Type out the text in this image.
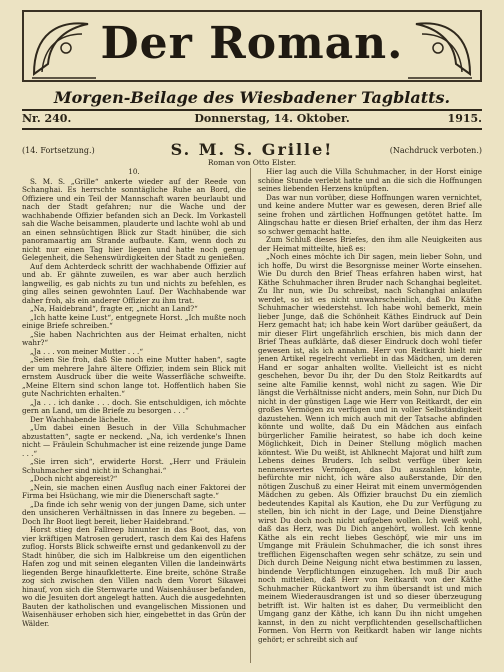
Der Roman.
Morgen-Beilage des Wiesbadener Tagblatts.
Nr. 240.	Donnerstag, 14. Oktober.	1915.
(14. Fortsetzung.)	(Nachdruck verboten.)
S. M. S. Grille!
Roman von Otto Elster.
10.

S. M. S. „Grille“ ankerte wieder auf der Reede von Schanghai. Es herrschte sonntägliche Ruhe an Bord, die Offiziere und ein Teil der Mannschaft waren beurlaubt und nach der Stadt gefahren; nur die Wache und der wachhabende Offizier befanden sich an Deck. Im Vorkastell sah die Wache beisammen, plauderte und lachte wohl ab und an einen sehnsüchtigen Blick zur Stadt hinüber, die sich panoramaartig am Strande aufbaute. Kam, wenn doch zu nicht nur einen Tag hier liegen und hatte noch genug Gelegenheit, die Sehenswürdigkeiten der Stadt zu genießen.

Auf dem Achterdeck schritt der wachhabende Offizier auf und ab. Er gähnte zuweilen, es war aber auch herzlich langweilig, es gab nichts zu tun und nichts zu befehlen, es ging alles seinen gewohnten Lauf. Der Wachhabende war daher froh, als ein anderer Offizier zu ihm trat.

„Na, Haidebrand“, fragte er, „nicht an Land?“

„Ich hatte keine Lust“, entgegnete Horst. „Ich mußte noch einige Briefe schreiben.“

„Sie haben Nachrichten aus der Heimat erhalten, nicht wahr?“

„Ja . . . von meiner Mutter . . .“

„Seien Sie froh, daß Sie noch eine Mutter haben“, sagte der um mehrere Jahre ältere Offizier, indem sein Blick mit ernstem Ausdruck über die weite Wasserfläche schweifte. „Meine Eltern sind schon lange tot. Hoffentlich haben Sie gute Nachrichten erhalten.“

„Ja . . . ich danke . . . doch. Sie entschuldigen, ich möchte gern an Land, um die Briefe zu besorgen . . .“

Der Wachhabende lächelte.

„Um dabei einen Besuch in der Villa Schuhmacher abzustatten“, sagte er neckend. „Na, ich verdenke's Ihnen nicht — Fräulein Schuhmacher ist eine reizende junge Dame . . .“

„Sie irren sich“, erwiderte Horst. „Herr und Fräulein Schuhmacher sind nicht in Schanghai.“

„Doch nicht abgereist?“

„Nein, sie machen einen Ausflug nach einer Faktorei der Firma bei Hsüchang, wie mir die Dienerschaft sagte.“

„Da finde ich sehr wenig von der jungen Dame, sich unter den unsicheren Verhältnissen in das Innere zu begeben. — Doch Ihr Boot liegt bereit, lieber Haidebrand.“

Horst stieg den Fallreep hinunter in das Boot, das, von vier kräftigen Matrosen gerudert, rasch dem Kai des Hafens zuflog. Horsts Blick schweifte ernst und gedankenvoll zu der Stadt hinüber, die sich im Halbkreise um den eigentlichen Hafen zog und mit seinen eleganten Villen die landeinwärts liegenden Berge hinaufkletterte. Eine breite, schöne Straße zog sich zwischen den Villen nach dem Vorort Sikawei hinauf, von sich die Sternwarte und Waisenhäuser befanden, wo die Jesuiten dort angelegt hatten. Auch die ausgedehnten Bauten der katholischen und evangelischen Missionen und Waisenhäuser erhoben sich hier, eingebettet in das Grün der Wälder.

Hier lag auch die Villa Schuhmacher, in der Horst einige schöne Stunde verlebt hatte und an die sich die Hoffnungen seines liebenden Herzens knüpften.

Das war nun vorüber, diese Hoffnungen waren vernichtet, und keine andere Mutter war es gewesen, deren Brief alle seine frohen und zärtlichen Hoffnungen getötet hatte. Im Alingschau hatte er diesen Brief erhalten, der ihm das Herz so schwer gemacht hatte.

Zum Schluß dieses Briefes, den ihm alle Neuigkeiten aus der Heimat mitteilte, hieß es:

„Noch eines möchte ich Dir sagen, mein lieber Sohn, und ich hoffe, Du wirst die Besorgnisse meiner Worte einsehen. Wie Du durch den Brief Theas erfahren haben wirst, hat Käthe Schuhmacher ihren Bruder nach Schanghai begleitet. Zu Ihr nun, wie Du schreibst, nach Schanghai anlaufen werdet, so ist es nicht unwahrscheinlich, daß Du Käthe Schuhmacher wiederstehst. Ich habe wohl bemerkt, mein lieber Junge, daß die Schönheit Käthes Eindruck auf Dein Herz gemacht hat; ich habe kein Wort darüber geäußert, da mir dieser Flirt ungefährlich erschien, bis mich dann der Brief Theas aufklärte, daß dieser Eindruck doch wohl tiefer gewesen ist, als ich annahm. Herr von Reitkardt hielt mir jenen Artikel regelrecht verliebt in das Mädchen, um deren Hand er sogar anhalten wollte. Vielleicht ist es nicht geschehen, bevor Du ihr, der Du den Stolz Reitkardts auf seine alte Familie kennst, wohl nicht zu sagen. Wie Dir längst die Verhältnisse nicht anders, mein Sohn, nur Dich Du nicht in der günstigen Lage wie Herr von Reitkardt, der ein großes Vermögen zu verfügen und in voller Selbständigkeit dazustehen. Wenn ich mich auch mit der Tatsache abfinden könnte und wollte, daß Du ein Mädchen aus einfach bürgerlicher Familie heiratest, so habe ich doch keine Möglichkeit, Dich in Deiner Stellung möglich machen könntest. Wie Du weißt, ist Ahlknecht Majorat und hilft zum Lebens deines Bruders. Ich selbst verfüge über kein nennenswertes Vermögen, das Du auszahlen könnte, befürchte mir nicht, ich wäre also außerstande, Dir den nötigen Zuschuß zu einer Heirat mit einem unvermögenden Mädchen zu geben. Als Offizier brauchst Du ein ziemlich bedeutendes Kapital als Kaution, ehe Du zur Verfügung zu stellen, bin ich nicht in der Lage, und Deine Dienstjahre wirst Du doch noch nicht aufgeben wollen. Ich weiß wohl, daß das Herz, was Du Dich angehört, wollest. Ich kenne Käthe als ein recht liebes Geschöpf, wie mir uns im Umgange mit Fräulein Schuhmacher, die ich sonst ihres trefflichen Eigenschaften wegen sehr schätze, zu sein und Dich durch Deine Neigung nicht etwa bestimmen zu lassen, bindende Verpflichtungen einzugehen. Ich muß Dir auch noch mitteilen, daß Herr von Reitkardt von der Käthe Schuhmacher Rückantwort zu ihm übersandt ist und mich meinem Wiederausdrangen ist und so dieser überzeugung betrifft ist. Wir halten ist es daher, Du vermeiblicht den Umgang ganz der Käthe, ich kann Du ihn nicht umgehen kannst, in den zu nicht verpflichtenden gesellschaftlichen Formen. Von Herrn von Reitkardt haben wir lange nichts gehört; er schreibt sich auf
